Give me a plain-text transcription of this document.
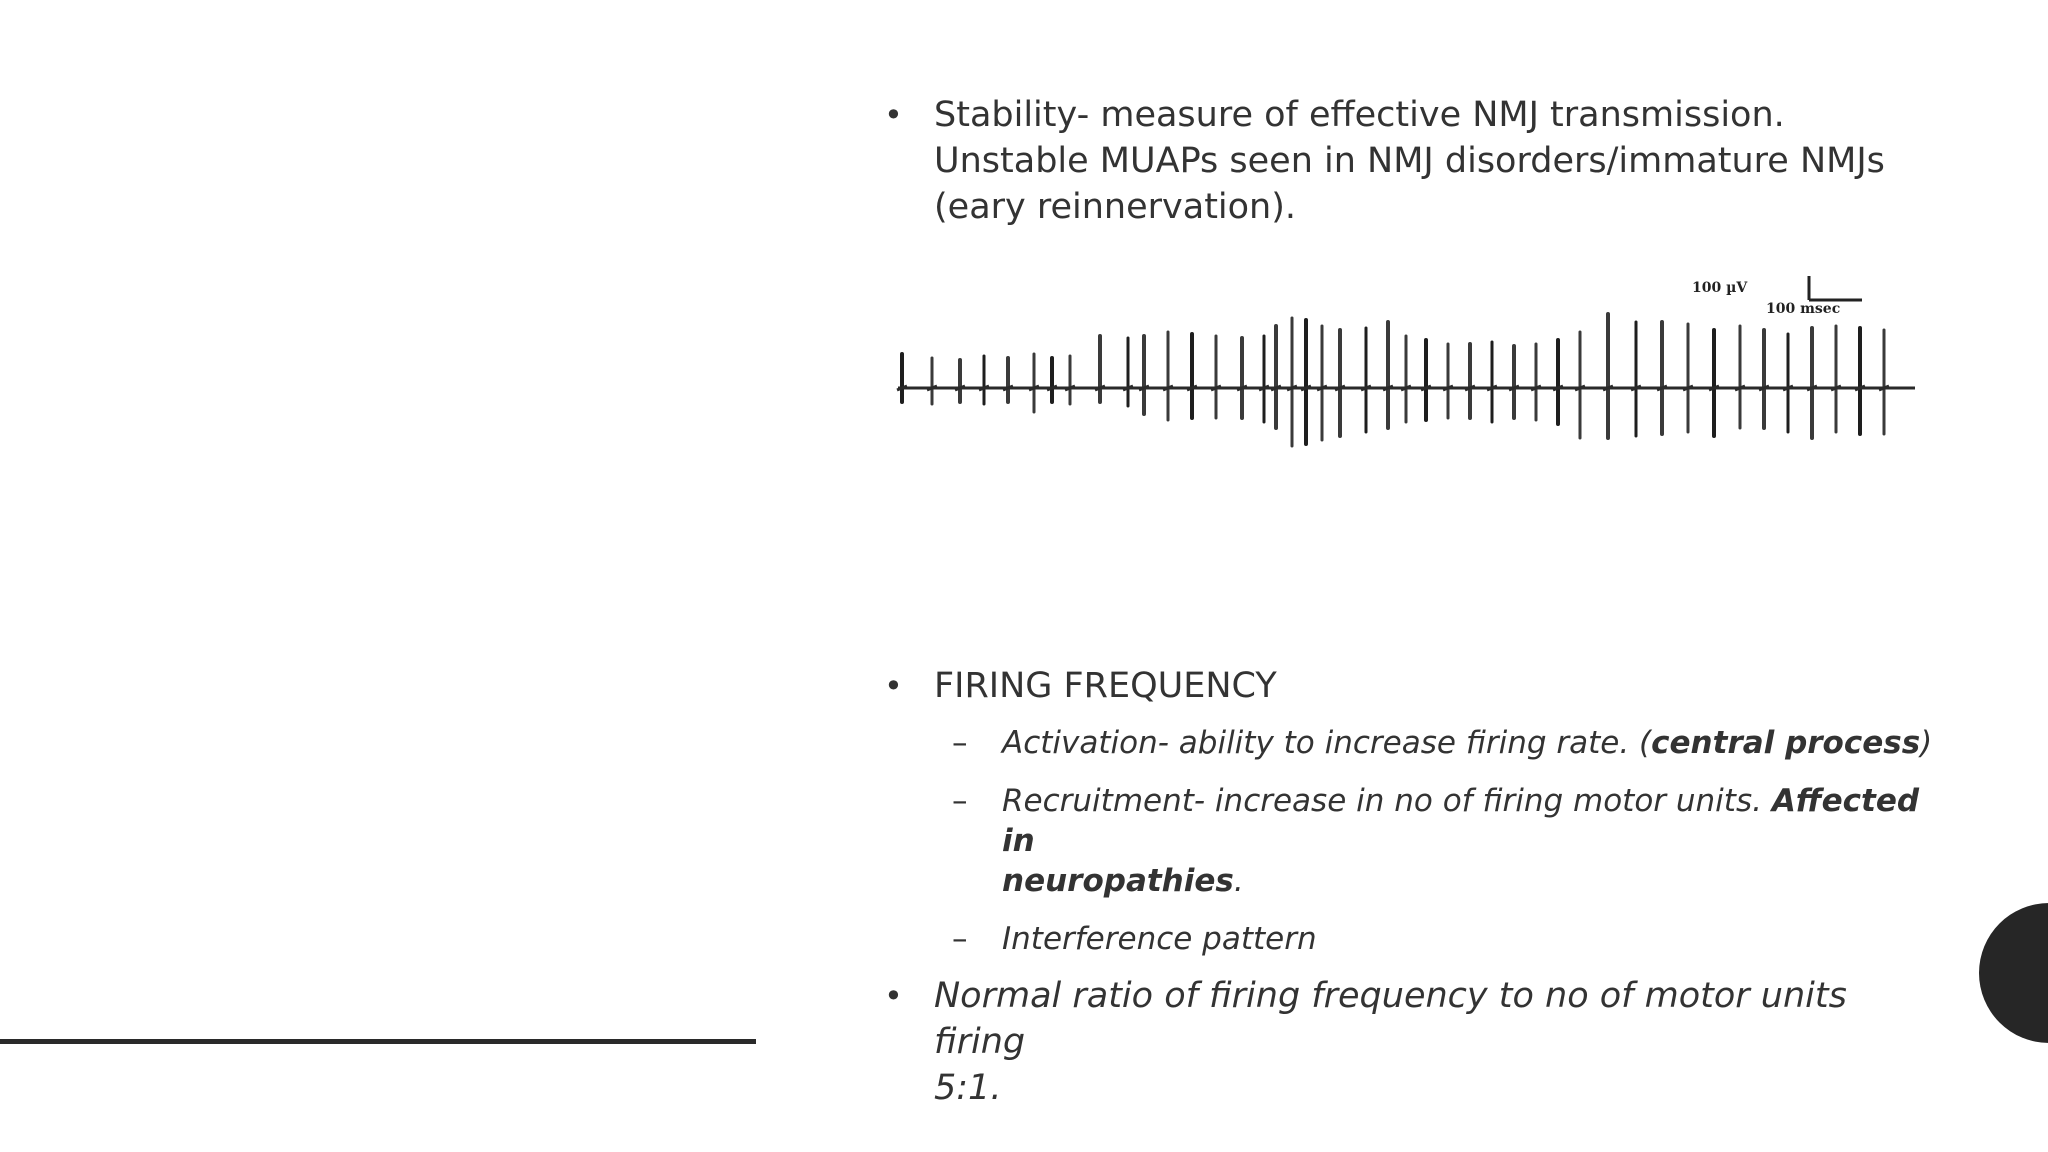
• Stability- measure of effective NMJ transmission.
Unstable MUAPs seen in NMJ disorders/immature NMJs
(eary reinnervation).
• FIRING FREQUENCY
– Activation- ability to increase firing rate. (central process)
– Recruitment- increase in no of firing motor units. Affected in
neuropathies.
– Interference pattern
• Normal ratio of firing frequency to no of motor units firing
5:1.
100 µV
100 msec
